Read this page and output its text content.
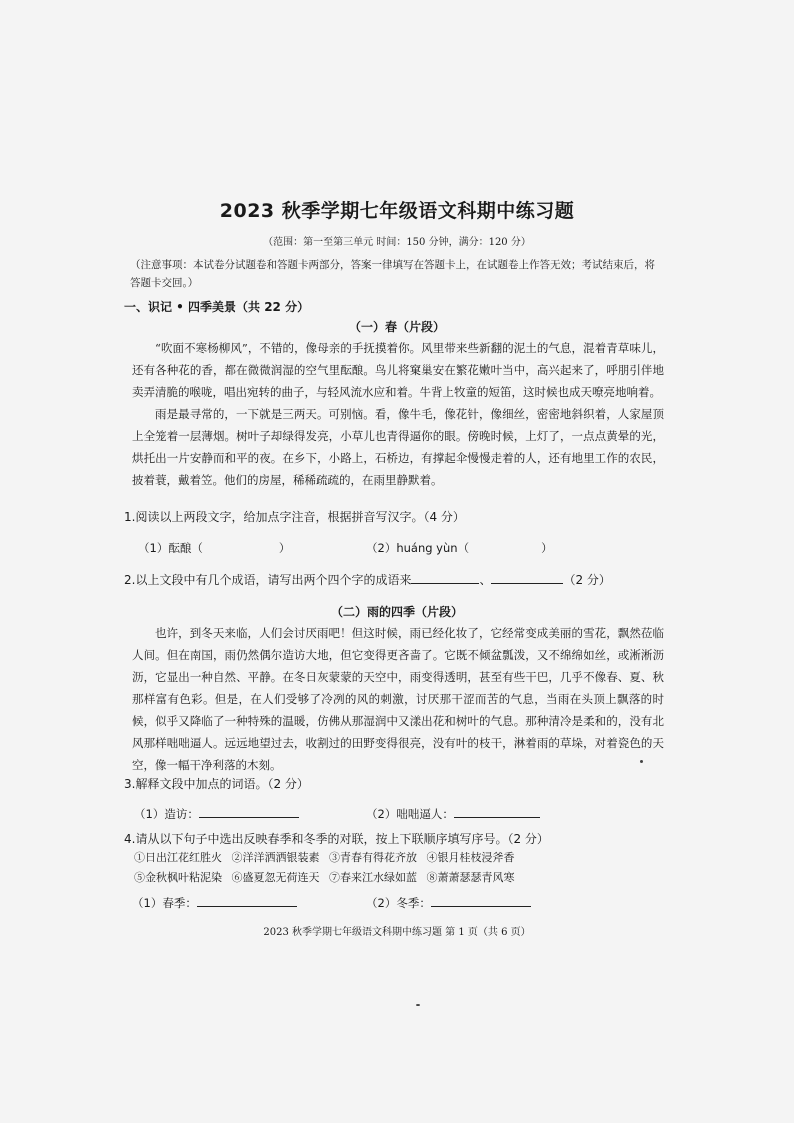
2023 秋季学期七年级语文科期中练习题
（范围：第一至第三单元 时间：150 分钟，满分：120 分）
（注意事项：本试卷分试题卷和答题卡两部分，答案一律填写在答题卡上，在试题卷上作答无效；考试结束后，将答题卡交回。）
一、识记 • 四季美景（共 22 分）
（一）春（片段）

“吹面不寒杨柳风”，不错的，像母亲的手抚摸着你。风里带来些新翻的泥土的气息，混着青草味儿，还有各种花的香，都在微微润湿的空气里酝酿。鸟儿将窠巢安在繁花嫩叶当中，高兴起来了，呼朋引伴地卖弄清脆的喉咙，唱出宛转的曲子，与轻风流水应和着。牛背上牧童的短笛，这时候也成天嘹亮地响着。

雨是最寻常的，一下就是三两天。可别恼。看，像牛毛，像花针，像细丝，密密地斜织着，人家屋顶上全笼着一层薄烟。树叶子却绿得发亮，小草儿也青得逼你的眼。傍晚时候，上灯了，一点点黄晕的光，烘托出一片安静而和平的夜。在乡下，小路上，石桥边，有撑起伞慢慢走着的人，还有地里工作的农民，披着蓑，戴着笠。他们的房屋，稀稀疏疏的，在雨里静默着。

1.阅读以上两段文字，给加点字注音，根据拼音写汉字。（4 分）
（1）酝酿（	）	（2）huáng yùn（	）
2.以上文段中有几个成语，请写出两个四个字的成语来	、	（2 分）
（二）雨的四季（片段）

也许，到冬天来临，人们会讨厌雨吧！但这时候，雨已经化妆了，它经常变成美丽的雪花，飘然莅临人间。但在南国，雨仍然偶尔造访大地，但它变得更吝啬了。它既不倾盆瓢泼，又不绵绵如丝，或淅淅沥沥，它显出一种自然、平静。在冬日灰蒙蒙的天空中，雨变得透明，甚至有些干巴，几乎不像春、夏、秋那样富有色彩。但是，在人们受够了冷冽的风的刺激，讨厌那干涩而苦的气息，当雨在头顶上飘落的时候，似乎又降临了一种特殊的温暖，仿佛从那湿润中又漾出花和树叶的气息。那种清冷是柔和的，没有北风那样咄咄逼人。远远地望过去，收割过的田野变得很亮，没有叶的枝干，淋着雨的草垛，对着瓷色的天空，像一幅干净利落的木刻。

3.解释文段中加点的词语。（2 分）
（1）造访：	（2）咄咄逼人：
4.请从以下句子中选出反映春季和冬季的对联，按上下联顺序填写序号。（2 分）
①日出江花红胜火 ②洋洋洒洒银装素 ③青春有得花齐放 ④银月桂枝浸斧香
⑤金秋枫叶粘泥染 ⑥盛夏忽无荷连天 ⑦春来江水绿如蓝 ⑧萧萧瑟瑟青风寒
（1）春季：	（2）冬季：
2023 秋季学期七年级语文科期中练习题 第 1 页（共 6 页）
